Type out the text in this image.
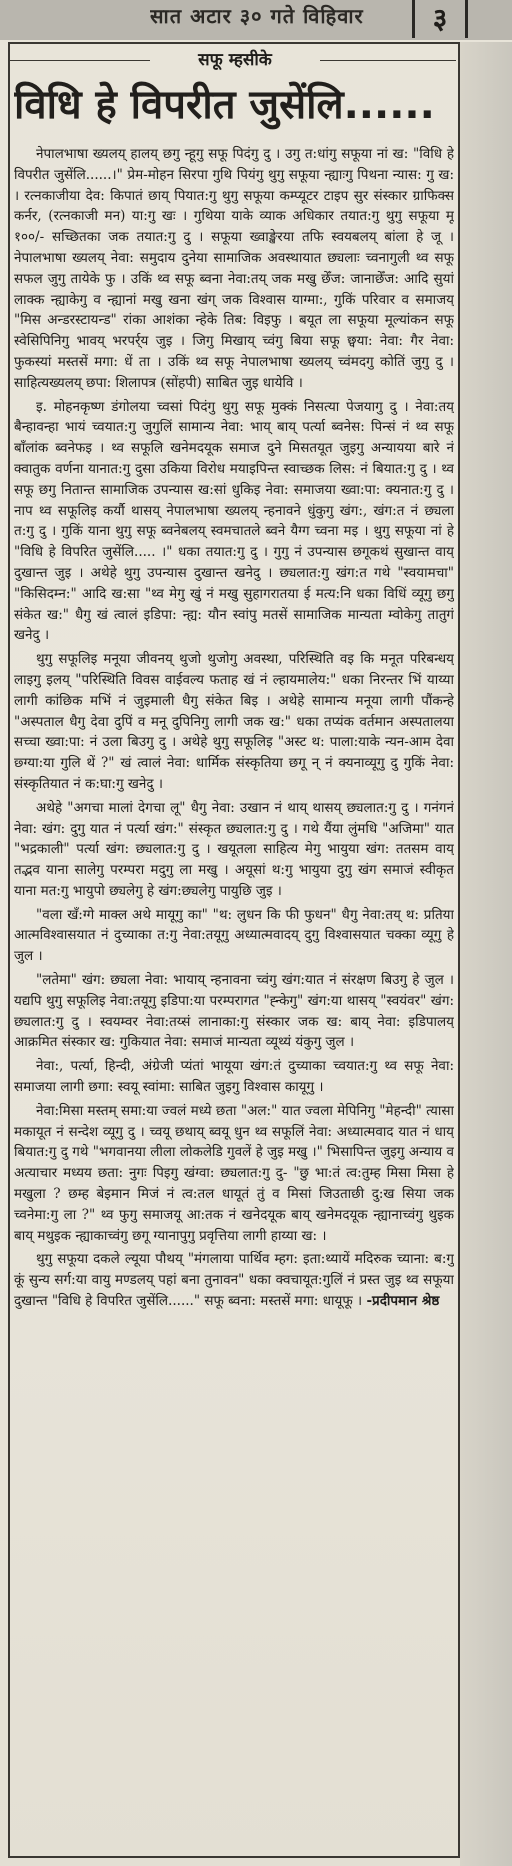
सात अटार ३० गते विहिवार	३
सफू म्हसीके
विधि हे विपरीत जुसेंलि......

नेपालभाषा ख्यलय् हालय् छगु न्हूगु सफू पिदंगु दु । उगु त:धांगु सफूया नां ख: "विधि हे विपरीत जुसेंलि......।" प्रेम-मोहन सिरपा गुथि पियंगु थुगु सफूया न्ह्याःगु पिथना न्यास: गु ख: । रत्नकाजीया देव: किपातं छाय् पियात:गु थुगु सफूया कम्प्यूटर टाइप सुर संस्कार ग्राफिक्स कर्नर, (रत्नकाजी मन) या:गु खः । गुथिया याके व्याक अधिकार तयात:गु थुगु सफूया मू १००/- सच्छितका जक तयात:गु दु । सफूया ख्वाङ्खेरया तफि स्वयबलय् बांला हे जू । नेपालभाषा ख्यलय् नेवा: समुदाय दुनेया सामाजिक अवस्थायात छ्यलाः च्वनागुली थ्व सफू सफल जुगु तायेके फु । उकिं थ्व सफू ब्वना नेवा:तय् जक मखु छेँज: जानाछेँज: आदि सुयां लाक्क न्ह्याकेगु व न्ह्यानां मखु खना खंग् जक विश्वास याग्मा:, गुकिं परिवार व समाजय् "मिस अन्डरस्टायन्ड" रांका आशंका न्हेके तिब: विइफु । बयूत ला सफूया मूल्यांकन सफू स्वेसिपिनिगु भावय् भरपर्र्य जुइ । जिगु मिखाय् च्वंगु बिया सफू छ्वया: नेवा: गैर नेवा: फुकस्यां मस्तसें मगा: धें ता । उकिं थ्व सफू नेपालभाषा ख्यलय् च्वंमदगु कोतिं जुगु दु । साहित्यख्यलय् छपा: शिलापत्र (सोंहपी) साबित जुइ धायेवि ।

इ. मोहनकृष्ण डंगोलया च्वसां पिदंगु थुगु सफू मुक्कं निसत्या पेजयागु दु । नेवा:तय् बैन्हावन्हा भायं च्वयात:गु जुगुलिं सामान्य नेवा: भाय् बाय् पर्त्या ब्वनेस: पिन्सं नं थ्व सफू बाँलांक ब्वनेफइ । थ्व सफूलि खनेमदयूक समाज दुने मिसतयूत जुइगु अन्यायया बारे नं क्वातुक वर्णना यानात:गु दुसा उकिया विरोध मयाइपिन्त स्वाच्छक लिस: नं बियात:गु दु । थ्व सफू छगु नितान्त सामाजिक उपन्यास ख:सां धुकिइ नेवा: समाजया ख्वा:पा: क्यनात:गु दु । नाप थ्व सफूलिइ कर्यौ थासय् नेपालभाषा ख्यलय् न्हनावने धुंकुगु खंग:, खंग:त नं छ्यला त:गु दु । गुकिं याना थुगु सफू ब्वनेबलय् स्वमचातले ब्वने यैग्ग च्वना मइ । थुगु सफूया नां हे "विधि हे विपरित जुसेंलि..... ।" धका तयात:गु दु । गुगु नं उपन्यास छगूकथं सुखान्त वाय् दुखान्त जुइ । अथेहे थुगु उपन्यास दुखान्त खनेदु । छ्यलात:गु खंग:त गथे "स्वयामचा" "किसिदम्न:" आदि ख:सा "थ्व मेगु खुं नं मखु सुहागरातया ई मत्य:नि धका विधिं व्यूगु छगु संकेत ख:" धैगु खं त्वालं इडिपा: न्ह्य: यौन स्वांपु मतसें सामाजिक मान्यता म्वोकेगु तातुगं खनेदु ।

थुगु सफूलिइ मनूया जीवनय् थुजो थुजोगु अवस्था, परिस्थिति वइ कि मनूत परिबन्धय् लाइगु इलय् "परिस्थिति विवस वाईवल्य फताह खं नं ल्हायमालेय:" धका निरन्तर भिं याय्या लागी कांछिक मभिं नं जुइमाली धैगु संकेत बिइ । अथेहे सामान्य मनूया लागी पौंकन्हे "अस्पताल धैगु देवा दुपिं व मनू दुपिनिगु लागी जक ख:" धका तप्यंक वर्तमान अस्पतालया सच्चा ख्वा:पा: नं उला बिउगु दु । अथेहे थुगु सफूलिइ "अस्ट थ: पाला:याके न्यन-आम देवा छ्ग्या:या गुलि थें ?" खं त्वालं नेवा: धार्मिक संस्कृतिया छगू न् नं क्यनाव्यूगु दु गुकिं नेवा: संस्कृतियात नं क:घा:गु खनेदु ।

अथेहे "अगचा मालां देगचा लू" धैगु नेवा: उखान नं थाय् थासय् छ्यलात:गु दु । गनंगनं नेवा: खंग: दुगु यात नं पर्त्या खंग:" संस्कृत छ्यलात:गु दु । गथे यैंया लुंमधि "अजिमा" यात "भद्रकाली" पर्त्या खंग: छ्यलात:गु दु । खयूतला साहित्य मेगु भायुया खंग: ततसम वाय् तद्भव याना सालेगु परम्परा मदुगु ला मखु । अयूसां थ:गु भायुया दुगु खंग समाजं स्वीकृत याना मत:गु भायुपो छ्यलेगु हे खंग:छ्यलेगु पायुछि जुइ ।

"वला खँ:ग्गे माक्ल अथे मायूगु का" "थ: लुधन कि फी फुधन" धैगु नेवा:तय् थ: प्रतिया आत्मविश्वासयात नं दुच्याका त:गु नेवा:तयूगु अध्यात्मवादय् दुगु विश्वासयात चक्का व्यूगु हे जुल ।

"लतेमा" खंग: छ्यला नेवा: भायाय् न्हनावना च्वंगु खंग:यात नं संरक्षण बिउगु हे जुल । यद्यपि थुगु सफूलिइ नेवा:तयूगु इडिपा:या परम्परागत "ह्न्केगु" खंग:या थासय् "स्वयंवर" खंग: छ्यलात:गु दु । स्वयम्वर नेवा:तय्सं लानाका:गु संस्कार जक ख: बाय् नेवा: इडिपालय् आक्रमित संस्कार ख: गुकियात नेवा: समाजं मान्यता व्यूथ्यं यंकुगु जुल ।

नेवा:, पर्त्या, हिन्दी, अंग्रेजी प्यंतां भायूया खंग:तं दुच्याका च्वयात:गु थ्व सफू नेवा: समाजया लागी छगा: स्वयू स्वांमा: साबित जुइगु विश्वास कायूगु ।

नेवा:मिसा मस्तम् समा:या ज्वलं मध्ये छता "अल:" यात ज्वला मेपिनिगु "मेहन्दी" त्यासा मकायूत नं सन्देश व्यूगु दु । च्वयू छथाय् ब्वयू धुन थ्व सफूलिं नेवा: अध्यात्मवाद यात नं धाय् बियात:गु दु गथे "भगवानया लीला लोकलेडि गुवलें हे जुइ मखु ।" भिसापिन्त जुइगु अन्याय व अत्याचार मध्यय छता: नुगः पिइगु खंग्वा: छ्यलात:गु दु- "छु भा:तं त्व:तुम्ह मिसा मिसा हे मखुला ? छम्ह बेइमान मिजं नं त्व:तल धायूतं तुं व मिसां जिउताछी दु:ख सिया जक च्वनेमा:गु ला ?" थ्व फुगु समाजयू आ:तक नं खनेदयूक बाय् खनेमदयूक न्ह्यानाच्वंगु थुइक बाय् मथुइक न्ह्याकाच्वंगु छगू ग्यानापुगु प्रवृत्तिया लागी हाय्या ख: ।

थुगु सफूया दकले ल्यूया पौथय् "मंगलाया पार्थिव म्हग: इता:थ्यायें मदिरुक च्याना: ब:गु कूं सुन्य सर्ग:या वायु मण्डलय् पहां बना तुनावन" धका क्वचायूत:गुलिं नं प्रस्त जुइ थ्व सफूया दुखान्त "विधि हे विपरित जुसेंलि......" सफू ब्वना: मस्तसें मगा: धायूफू । -प्रदीपमान श्रेष्ठ
